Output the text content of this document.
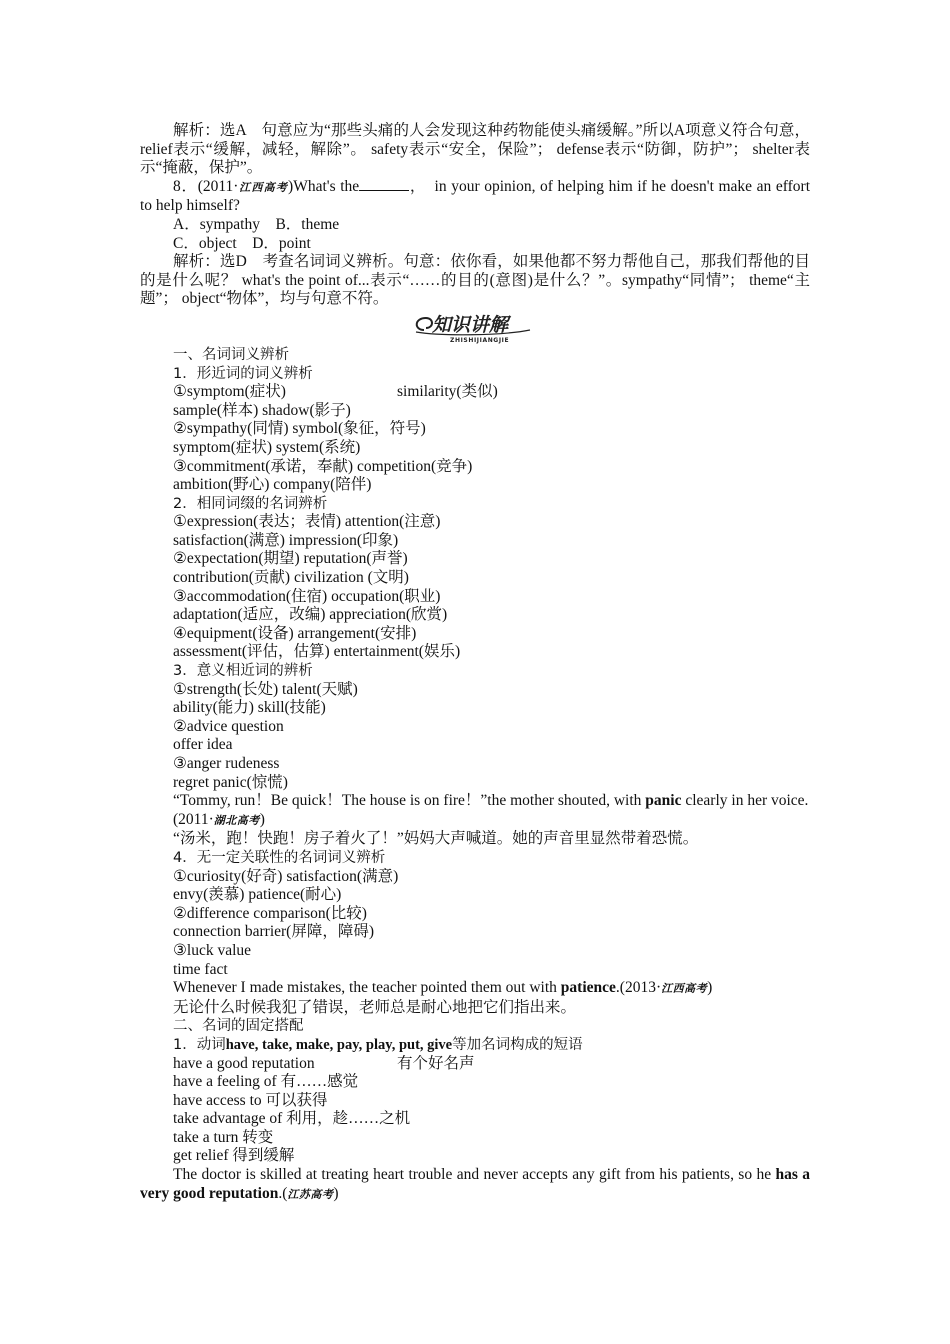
解析：选A　句意应为“那些头痛的人会发现这种药物能使头痛缓解。”所以A项意义符合句意， relief表示“缓解，减轻，解除”。 safety表示“安全，保险”； defense表示“防御，防护”； shelter表示“掩蔽，保护”。

8．(2011·江西高考)What's the	，　in your opinion, of helping him if he doesn't make an effort to help himself?

A．sympathy　B．theme

C．object　D．point

解析：选D　考查名词词义辨析。句意：依你看，如果他都不努力帮他自己，那我们帮他的目的是什么呢？ what's the point of...表示“……的目的(意图)是什么？”。sympathy“同情”； theme“主题”； object“物体”，均与句意不符。

知识讲解
ZHISHIJIANGJIE

一、名词词义辨析

1．形近词的词义辨析

①symptom(症状)	similarity(类似)

sample(样本) shadow(影子)

②sympathy(同情) symbol(象征，符号)

symptom(症状) system(系统)

③commitment(承诺，奉献) competition(竞争)

ambition(野心) company(陪伴)

2．相同词缀的名词辨析

①expression(表达；表情) attention(注意)

satisfaction(满意) impression(印象)

②expectation(期望) reputation(声誉)

contribution(贡献) civilization (文明)

③accommodation(住宿) occupation(职业)

adaptation(适应，改编) appreciation(欣赏)

④equipment(设备) arrangement(安排)

assessment(评估，估算) entertainment(娱乐)

3．意义相近词的辨析

①strength(长处) talent(天赋)

ability(能力) skill(技能)

②advice question

offer idea

③anger rudeness

regret panic(惊慌)

“Tommy, run！Be quick！The house is on fire！”the mother shouted, with panic clearly in her voice.

(2011·湖北高考)

“汤米，跑！快跑！房子着火了！”妈妈大声喊道。她的声音里显然带着恐慌。

4．无一定关联性的名词词义辨析

①curiosity(好奇) satisfaction(满意)

envy(羡慕) patience(耐心)

②difference comparison(比较)

connection barrier(屏障，障碍)

③luck value

time fact

Whenever I made mistakes, the teacher pointed them out with patience.(2013·江西高考)

无论什么时候我犯了错误，老师总是耐心地把它们指出来。

二、名词的固定搭配

1．动词have, take, make, pay, play, put, give等加名词构成的短语

have a good reputation	有个好名声

have a feeling of 有……感觉

have access to 可以获得

take advantage of 利用，趁……之机

take a turn 转变

get relief 得到缓解

The doctor is skilled at treating heart trouble and never accepts any gift from his patients, so he has a very good reputation.(江苏高考)
